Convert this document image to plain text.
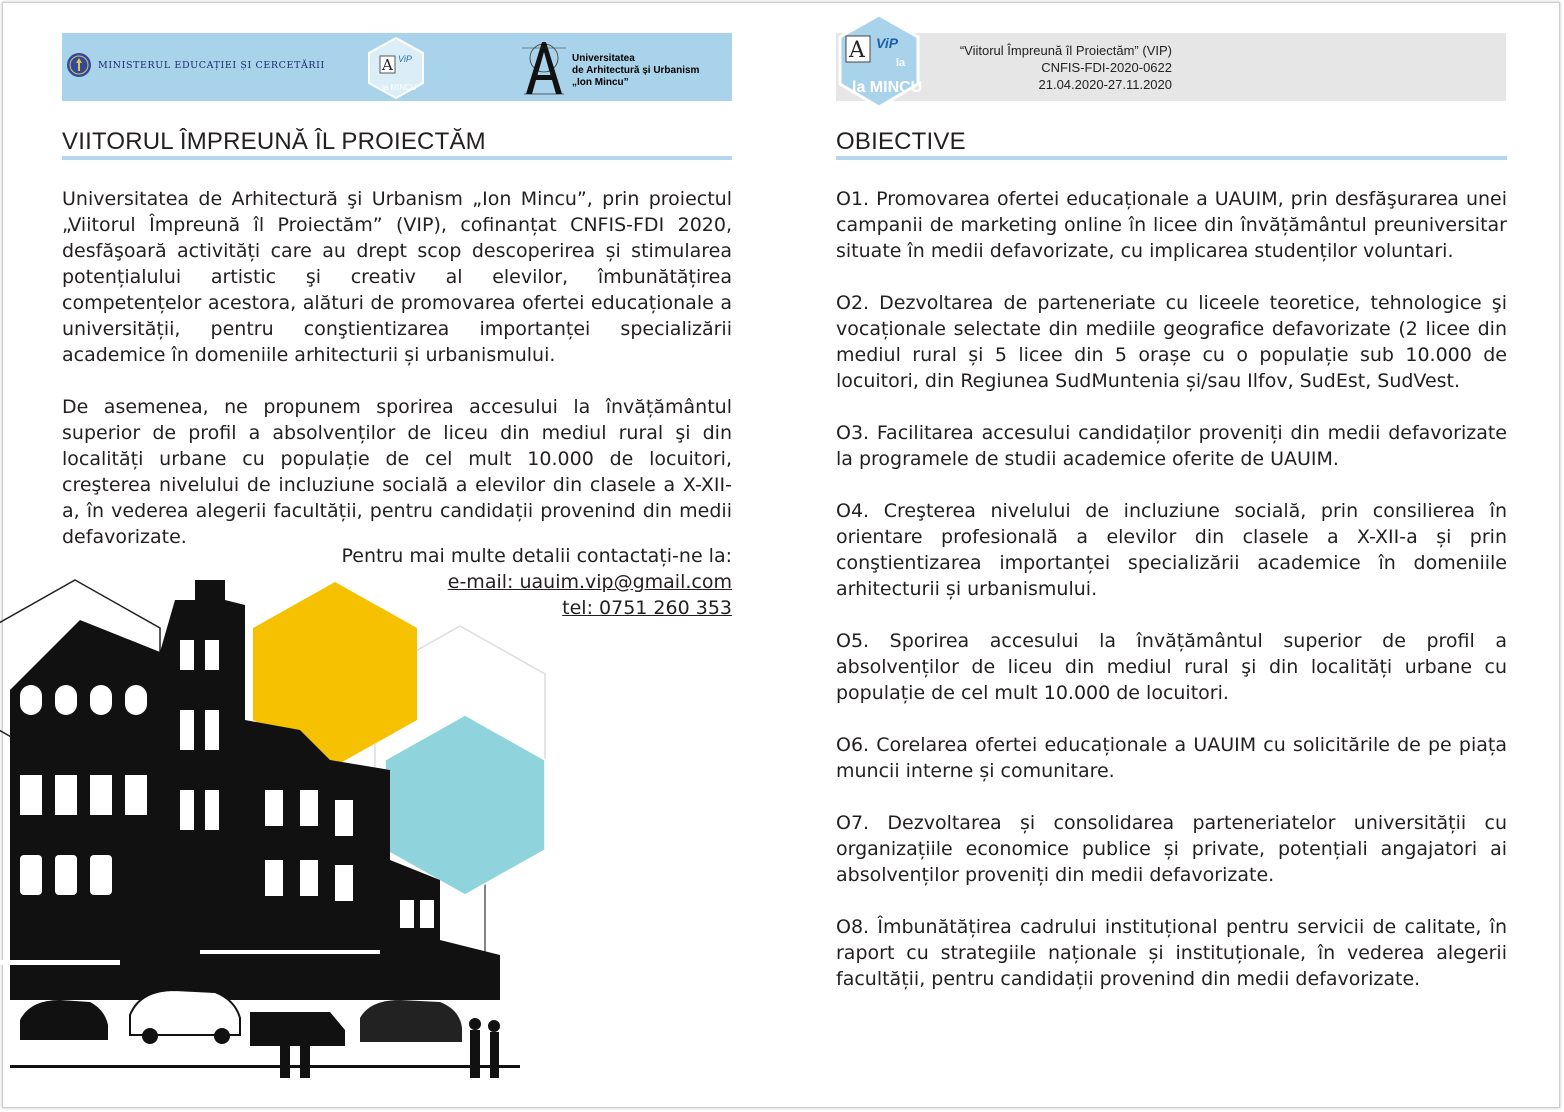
MINISTERUL EDUCAȚIEI ȘI CERCETĂRII	A ViP
la MINCU
Universitatea
de Arhitectură și Urbanism
„Ion Mincu”
A ViP
la
la MINCU
“Viitorul Împreună îl Proiectăm” (VIP)
CNFIS-FDI-2020-0622
21.04.2020-27.11.2020
VIITORUL ÎMPREUNĂ ÎL PROIECTĂM	OBIECTIVE

Universitatea de Arhitectură şi Urbanism „Ion Mincu”, prin proiectul „Viitorul Împreună îl Proiectăm” (VIP), cofinanțat CNFIS-FDI 2020, desfăşoară activități care au drept scop descoperirea și stimularea potențialului artistic şi creativ al elevilor, îmbunătățirea competențelor acestora, alături de promovarea ofertei educaționale a universității, pentru conştientizarea importanței specializării academice în domeniile arhitecturii și urbanismului.

De asemenea, ne propunem sporirea accesului la învățământul superior de profil a absolvenților de liceu din mediul rural şi din localități urbane cu populație de cel mult 10.000 de locuitori, creşterea nivelului de incluziune socială a elevilor din clasele a X-XII-a, în vederea alegerii facultății, pentru candidații provenind din medii defavorizate.

Pentru mai multe detalii contactați-ne la:
e-mail: uauim.vip@gmail.com
tel: 0751 260 353

O1. Promovarea ofertei educaționale a UAUIM, prin desfăşurarea unei campanii de marketing online în licee din învățământul preuniversitar situate în medii defavorizate, cu implicarea studenților voluntari.

O2. Dezvoltarea de parteneriate cu liceele teoretice, tehnologice şi vocaționale selectate din mediile geografice defavorizate (2 licee din mediul rural și 5 licee din 5 orașe cu o populație sub 10.000 de locuitori, din Regiunea SudMuntenia și/sau Ilfov, SudEst, SudVest.

O3. Facilitarea accesului candidaților proveniți din medii defavorizate la programele de studii academice oferite de UAUIM.

O4. Creşterea nivelului de incluziune socială, prin consilierea în orientare profesională a elevilor din clasele a X-XII-a și prin conştientizarea importanței specializării academice în domeniile arhitecturii și urbanismului.

O5. Sporirea accesului la învățământul superior de profil a absolvenților de liceu din mediul rural şi din localități urbane cu populație de cel mult 10.000 de locuitori.

O6. Corelarea ofertei educaționale a UAUIM cu solicitările de pe piața muncii interne și comunitare.

O7. Dezvoltarea și consolidarea parteneriatelor universității cu organizațiile economice publice și private, potențiali angajatori ai absolvenților proveniți din medii defavorizate.

O8. Îmbunătățirea cadrului instituțional pentru servicii de calitate, în raport cu strategiile naționale și instituționale, în vederea alegerii facultății, pentru candidații provenind din medii defavorizate.
